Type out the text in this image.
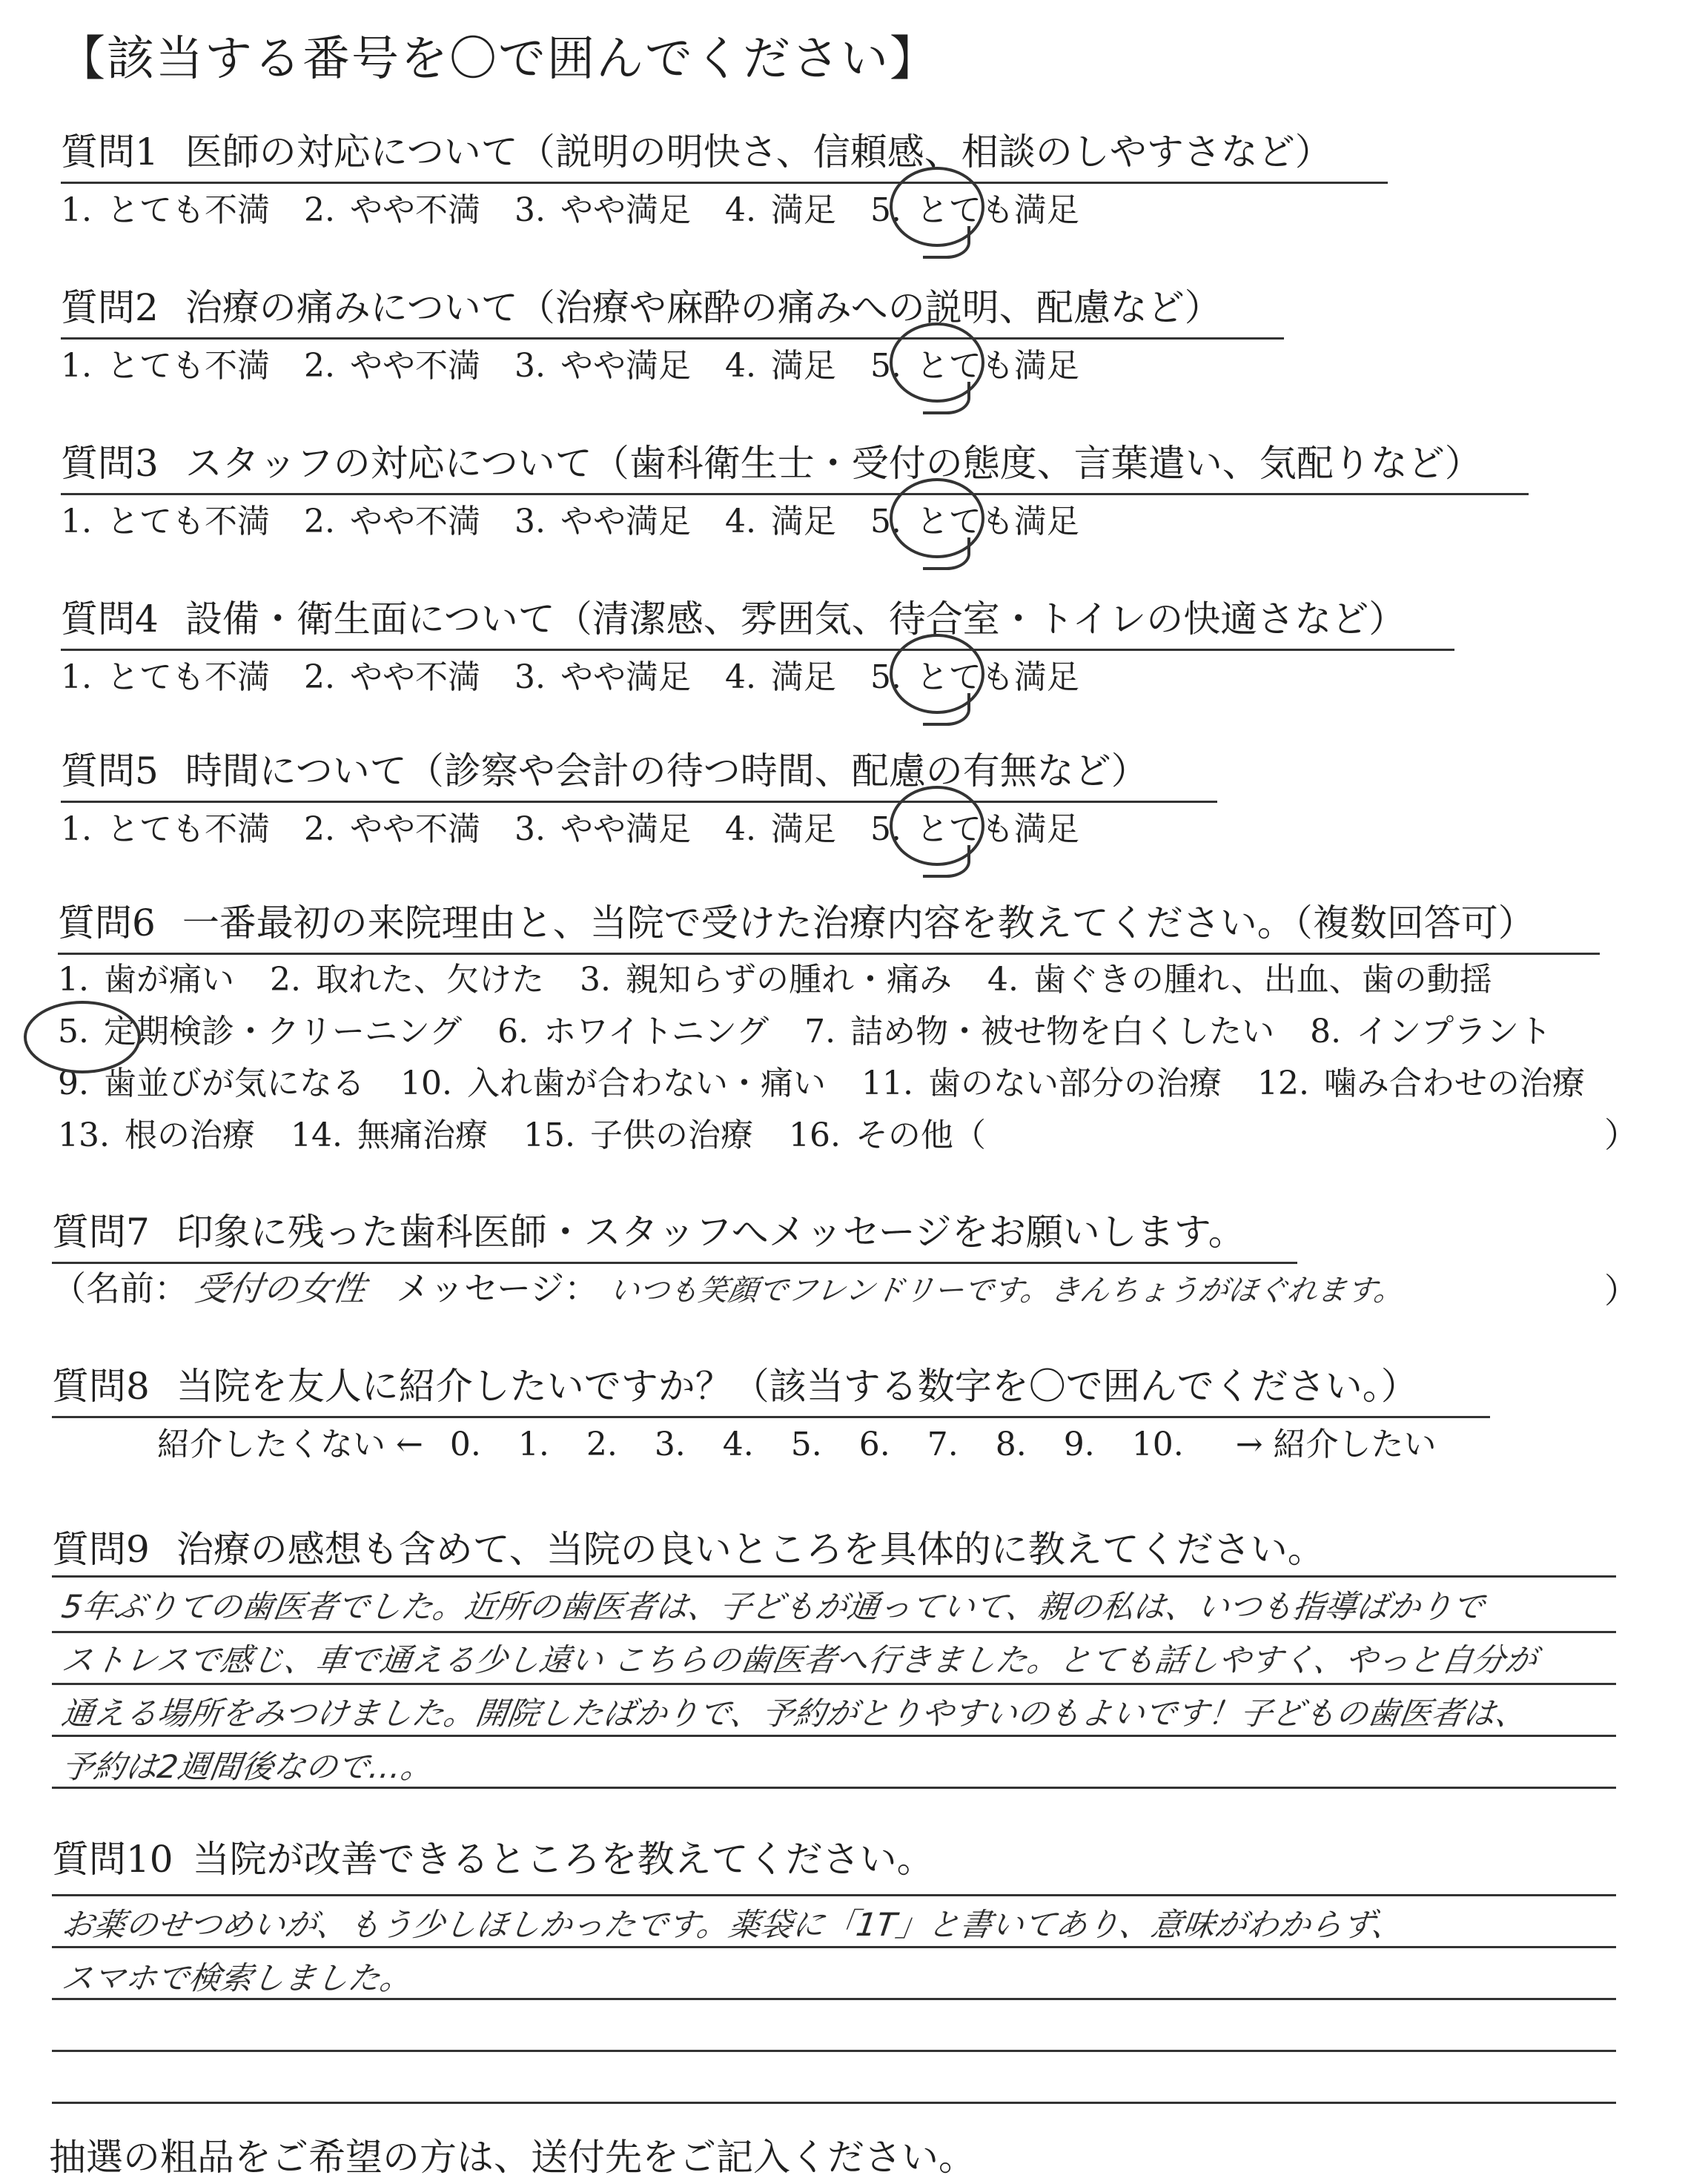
【該当する番号を〇で囲んでください】
質問1 医師の対応について（説明の明快さ、信頼感、相談のしやすさなど）
1. とても不満 2. やや不満 3. やや満足 4. 満足 5. とても満足
質問2 治療の痛みについて（治療や麻酔の痛みへの説明、配慮など）
1. とても不満 2. やや不満 3. やや満足 4. 満足 5. とても満足
質問3 スタッフの対応について（歯科衛生士・受付の態度、言葉遣い、気配りなど）
1. とても不満 2. やや不満 3. やや満足 4. 満足 5. とても満足
質問4 設備・衛生面について（清潔感、雰囲気、待合室・トイレの快適さなど）
1. とても不満 2. やや不満 3. やや満足 4. 満足 5. とても満足
質問5 時間について（診察や会計の待つ時間、配慮の有無など）
1. とても不満 2. やや不満 3. やや満足 4. 満足 5. とても満足
質問6 一番最初の来院理由と、当院で受けた治療内容を教えてください。（複数回答可）
1. 歯が痛い 2. 取れた、欠けた 3. 親知らずの腫れ・痛み 4. 歯ぐきの腫れ、出血、歯の動揺
5. 定期検診・クリーニング 6. ホワイトニング 7. 詰め物・被せ物を白くしたい 8. インプラント
9. 歯並びが気になる 10. 入れ歯が合わない・痛い 11. 歯のない部分の治療 12. 噛み合わせの治療
13. 根の治療 14. 無痛治療 15. 子供の治療 16. その他（	）
質問7 印象に残った歯科医師・スタッフへメッセージをお願いします。
（名前： 受付の女性 メッセージ： いつも笑顔でフレンドリーです。きんちょうがほぐれます。	）
質問8 当院を友人に紹介したいですか？（該当する数字を〇で囲んでください。）
紹介したくない ← 0. 1. 2. 3. 4. 5. 6. 7. 8. 9. 10. → 紹介したい
質問9 治療の感想も含めて、当院の良いところを具体的に教えてください。
5年ぶりての歯医者でした。近所の歯医者は、子どもが通っていて、親の私は、いつも指導ばかりで
ストレスで感じ、車で通える少し遠い こちらの歯医者へ行きました。とても話しやすく、やっと自分が
通える場所をみつけました。開院したばかりで、予約がとりやすいのもよいです！子どもの歯医者は、
予約は2週間後なので…。
質問10 当院が改善できるところを教えてください。
お薬のせつめいが、もう少しほしかったです。薬袋に「1T」と書いてあり、意味がわからず、
スマホで検索しました。
抽選の粗品をご希望の方は、送付先をご記入ください。
